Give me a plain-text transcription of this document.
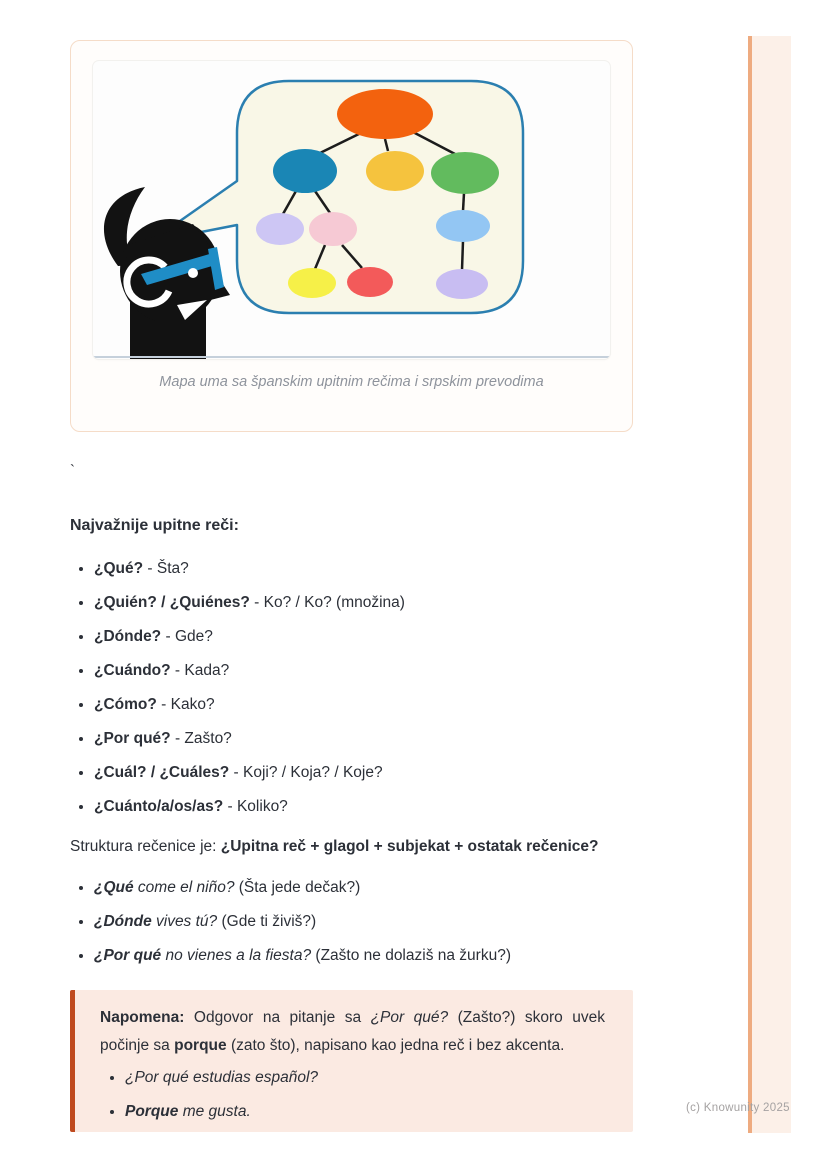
Mapa uma sa španskim upitnim rečima i srpskim prevodima
`
Najvažnije upitne reči:
• ¿Qué? - Šta?
• ¿Quién? / ¿Quiénes? - Ko? / Ko? (množina)
• ¿Dónde? - Gde?
• ¿Cuándo? - Kada?
• ¿Cómo? - Kako?
• ¿Por qué? - Zašto?
• ¿Cuál? / ¿Cuáles? - Koji? / Koja? / Koje?
• ¿Cuánto/a/os/as? - Koliko?

Struktura rečenice je: ¿Upitna reč + glagol + subjekat + ostatak rečenice?

• ¿Qué come el niño? (Šta jede dečak?)
• ¿Dónde vives tú? (Gde ti živiš?)
• ¿Por qué no vienes a la fiesta? (Zašto ne dolaziš na žurku?)

Napomena: Odgovor na pitanje sa ¿Por qué? (Zašto?) skoro uvek počinje sa porque (zato što), napisano kao jedna reč i bez akcenta.

• ¿Por qué estudias español?
• Porque me gusta.	(c) Knowunity 2025
